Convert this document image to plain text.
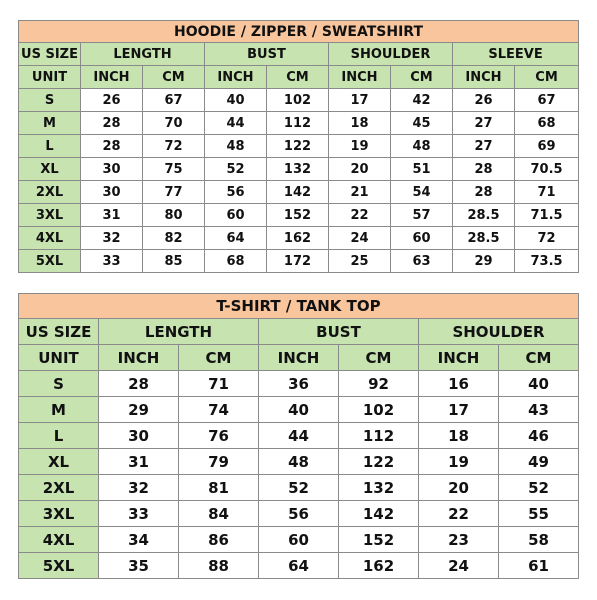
HOODIE / ZIPPER / SWEATSHIRT								
US SIZE	LENGTH		BUST		SHOULDER		SLEEVE	
UNIT	INCH	CM	INCH	CM	INCH	CM	INCH	CM
S	26	67	40	102	17	42	26	67
M	28	70	44	112	18	45	27	68
L	28	72	48	122	19	48	27	69
XL	30	75	52	132	20	51	28	70.5
2XL	30	77	56	142	21	54	28	71
3XL	31	80	60	152	22	57	28.5	71.5
4XL	32	82	64	162	24	60	28.5	72
5XL	33	85	68	172	25	63	29	73.5
T-SHIRT / TANK TOP						
US SIZE	LENGTH		BUST		SHOULDER	
UNIT	INCH	CM	INCH	CM	INCH	CM
S	28	71	36	92	16	40
M	29	74	40	102	17	43
L	30	76	44	112	18	46
XL	31	79	48	122	19	49
2XL	32	81	52	132	20	52
3XL	33	84	56	142	22	55
4XL	34	86	60	152	23	58
5XL	35	88	64	162	24	61
